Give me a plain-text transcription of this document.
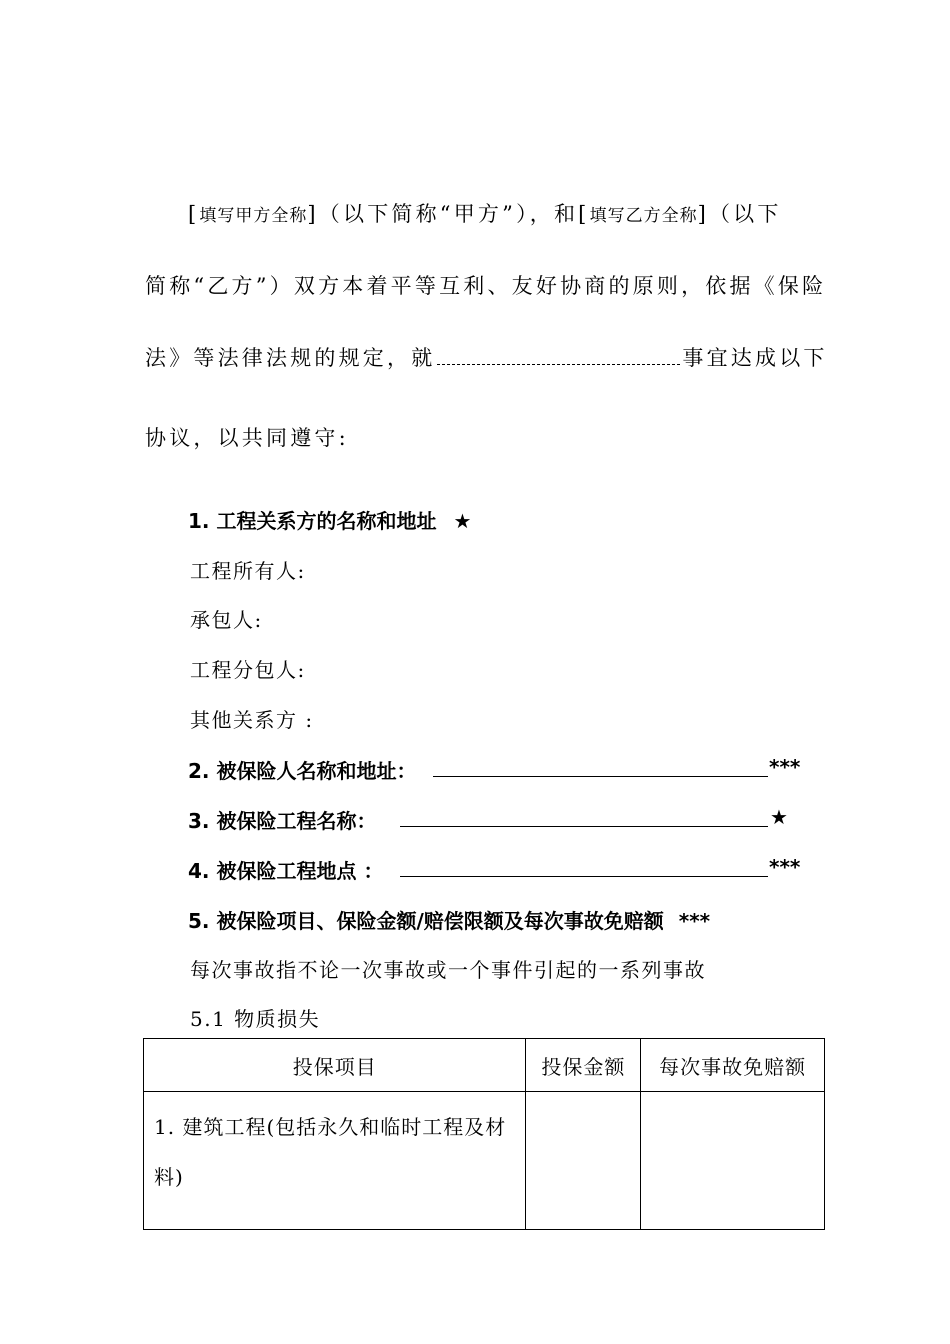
[填写甲方全称]（以下简称“甲方”），和[填写乙方全称]（以下
简称“乙方”）双方本着平等互利、友好协商的原则，依据《保险
法》等法律法规的规定，就	事宜达成以下
协议，以共同遵守:
1. 工程关系方的名称和地址 ★
工程所有人:
承包人:
工程分包人:
其他关系方 :
2. 被保险人名称和地址：	***
3. 被保险工程名称：	★
4. 被保险工程地点 ：	***
5. 被保险项目、保险金额/赔偿限额及每次事故免赔额 ***
每次事故指不论一次事故或一个事件引起的一系列事故
5.1 物质损失
投保项目	投保金额	每次事故免赔额
1. 建筑工程(包括永久和临时工程及材料)		
